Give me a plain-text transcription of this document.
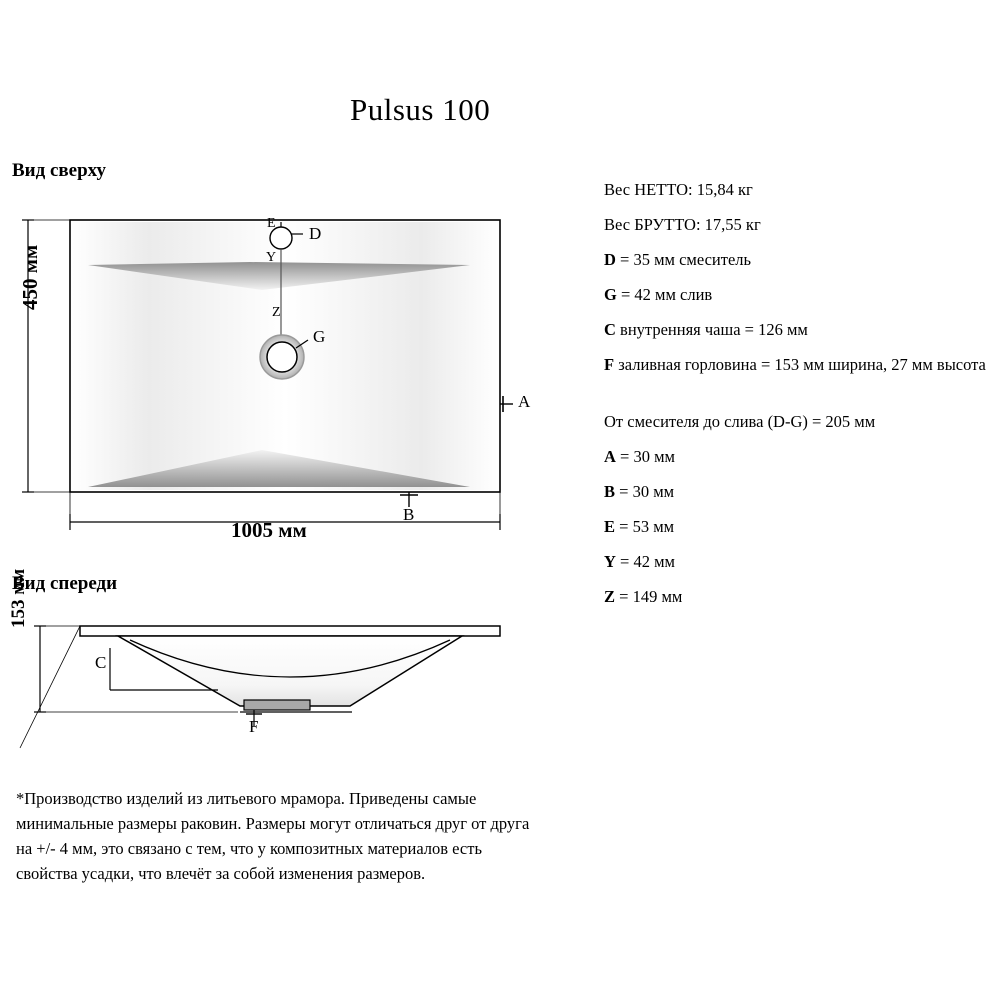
Pulsus 100
Вид сверху
Вид спереди
450 мм
1005 мм
153 мм
E
D
Y
Z
G
A
B
C
F
Вес НЕТТО: 15,84 кг
Вес БРУТТО: 17,55 кг
D = 35 мм смеситель
G = 42 мм слив
C внутренняя чаша = 126 мм
F заливная горловина = 153 мм ширина, 27 мм высота
От смесителя до слива (D-G) = 205 мм
A = 30 мм
B = 30 мм
E = 53 мм
Y = 42 мм
Z = 149 мм
*Производство изделий из литьевого мрамора. Приведены самые минимальные размеры раковин. Размеры могут отличаться друг от друга на +/- 4 мм, это связано с тем, что у композитных материалов есть свойства усадки, что влечёт за собой изменения размеров.
